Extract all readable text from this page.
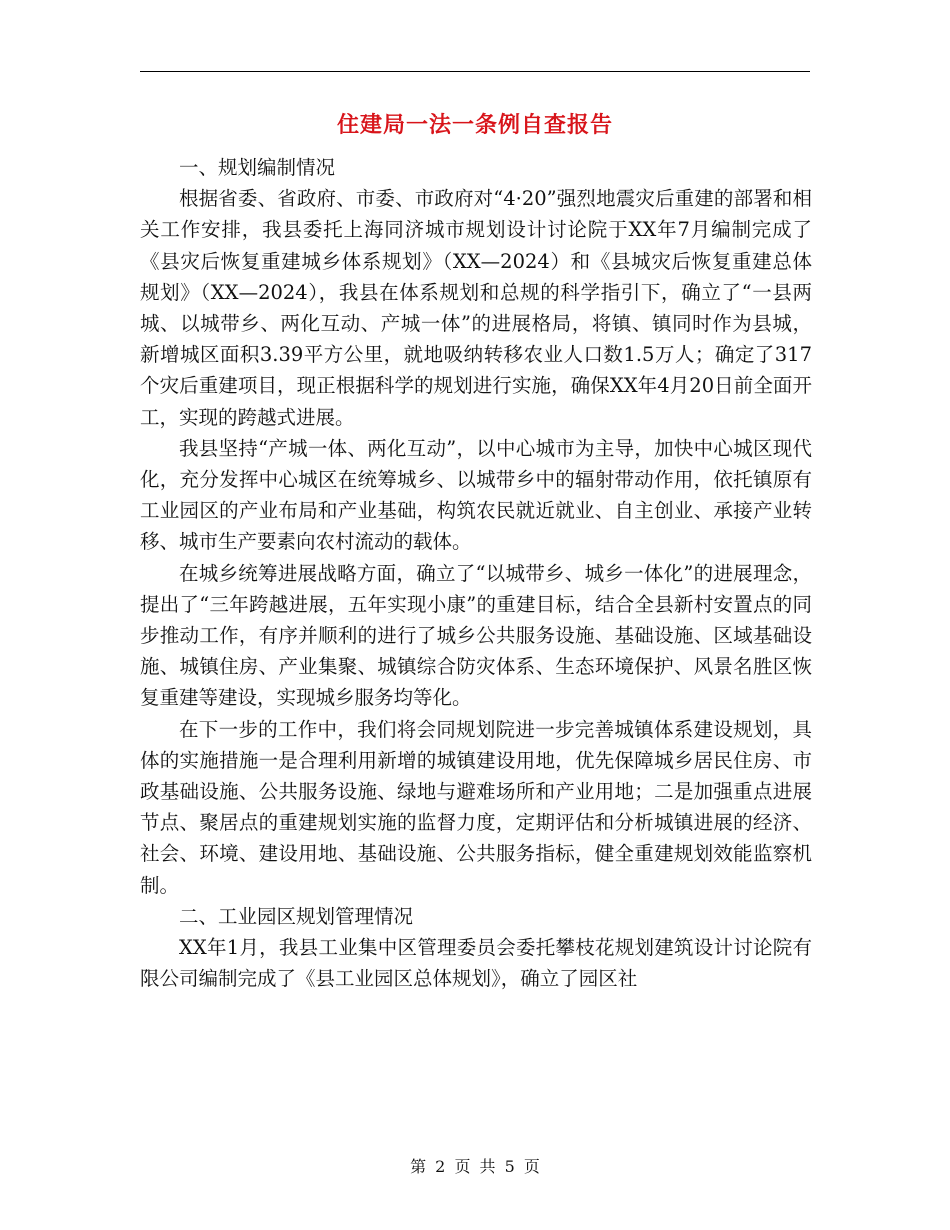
住建局一法一条例自查报告

一、规划编制情况

根据省委、省政府、市委、市政府对“4·20”强烈地震灾后重建的部署和相关工作安排，我县委托上海同济城市规划设计讨论院于XX年7月编制完成了《县灾后恢复重建城乡体系规划》（XX—2024）和《县城灾后恢复重建总体规划》（XX—2024），我县在体系规划和总规的科学指引下，确立了“一县两城、以城带乡、两化互动、产城一体”的进展格局，将镇、镇同时作为县城，新增城区面积3.39平方公里，就地吸纳转移农业人口数1.5万人；确定了317个灾后重建项目，现正根据科学的规划进行实施，确保XX年4月20日前全面开工，实现的跨越式进展。

我县坚持“产城一体、两化互动”，以中心城市为主导，加快中心城区现代化，充分发挥中心城区在统筹城乡、以城带乡中的辐射带动作用，依托镇原有工业园区的产业布局和产业基础，构筑农民就近就业、自主创业、承接产业转移、城市生产要素向农村流动的载体。

在城乡统筹进展战略方面，确立了“以城带乡、城乡一体化”的进展理念，提出了“三年跨越进展，五年实现小康”的重建目标，结合全县新村安置点的同步推动工作，有序并顺利的进行了城乡公共服务设施、基础设施、区域基础设施、城镇住房、产业集聚、城镇综合防灾体系、生态环境保护、风景名胜区恢复重建等建设，实现城乡服务均等化。

在下一步的工作中，我们将会同规划院进一步完善城镇体系建设规划，具体的实施措施一是合理利用新增的城镇建设用地，优先保障城乡居民住房、市政基础设施、公共服务设施、绿地与避难场所和产业用地；二是加强重点进展节点、聚居点的重建规划实施的监督力度，定期评估和分析城镇进展的经济、社会、环境、建设用地、基础设施、公共服务指标，健全重建规划效能监察机制。

二、工业园区规划管理情况

XX年1月，我县工业集中区管理委员会委托攀枝花规划建筑设计讨论院有限公司编制完成了《县工业园区总体规划》，确立了园区社

第 2 页 共 5 页
